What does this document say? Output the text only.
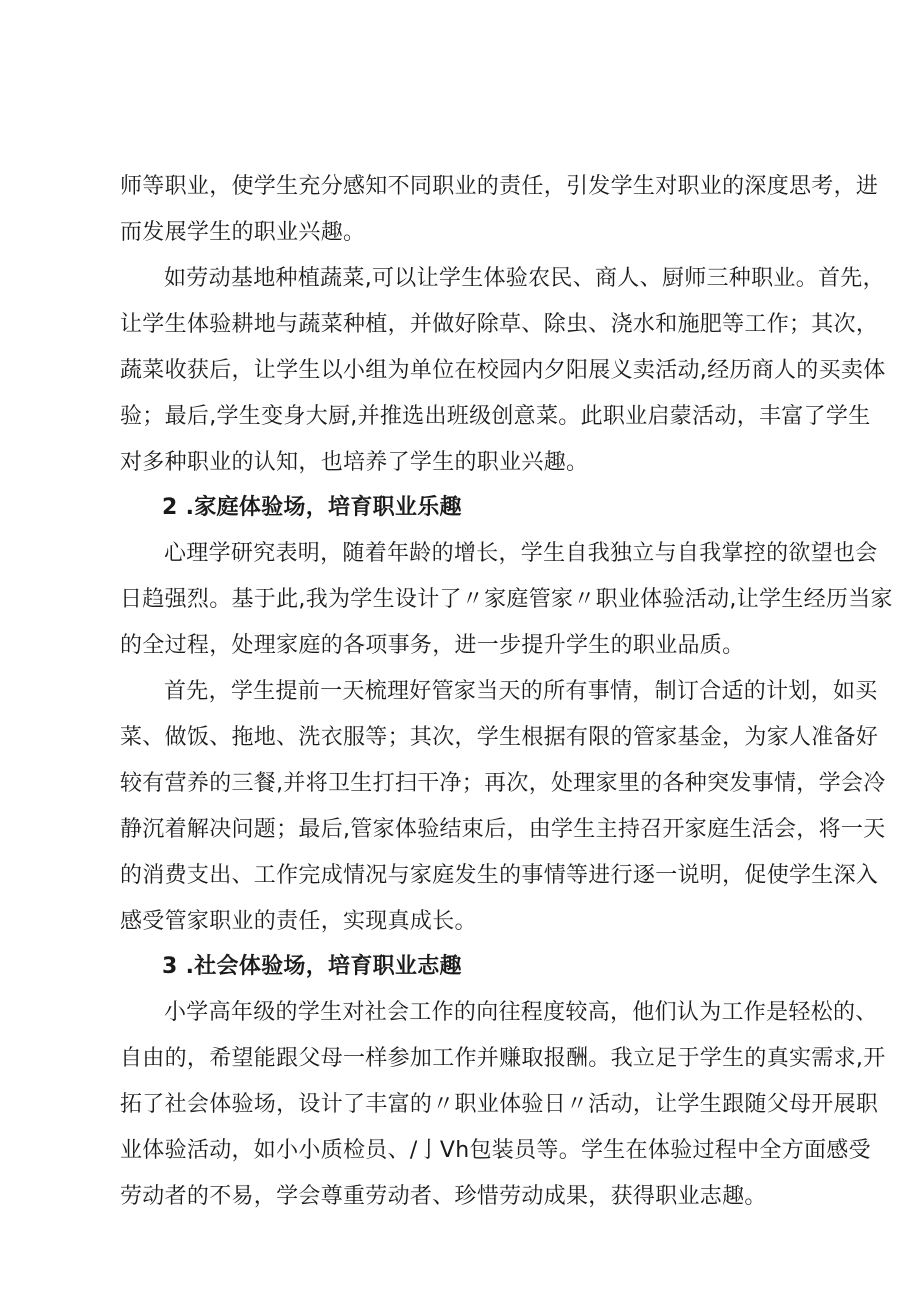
师等职业，使学生充分感知不同职业的责任，引发学生对职业的深度思考，进
而发展学生的职业兴趣。
如劳动基地种植蔬菜,可以让学生体验农民、商人、厨师三种职业。首先，
让学生体验耕地与蔬菜种植，并做好除草、除虫、浇水和施肥等工作；其次，
蔬菜收获后，让学生以小组为单位在校园内夕阳展义卖活动,经历商人的买卖体
验；最后,学生变身大厨,并推选出班级创意菜。此职业启蒙活动，丰富了学生
对多种职业的认知，也培养了学生的职业兴趣。
2 .家庭体验场，培育职业乐趣
心理学研究表明，随着年龄的增长，学生自我独立与自我掌控的欲望也会
日趋强烈。基于此,我为学生设计了〃家庭管家〃职业体验活动,让学生经历当家
的全过程，处理家庭的各项事务，进一步提升学生的职业品质。
首先，学生提前一天梳理好管家当天的所有事情，制订合适的计划，如买
菜、做饭、拖地、洗衣服等；其次，学生根据有限的管家基金，为家人准备好
较有营养的三餐,并将卫生打扫干净；再次，处理家里的各种突发事情，学会冷
静沉着解决问题；最后,管家体验结束后，由学生主持召开家庭生活会，将一天
的消费支出、工作完成情况与家庭发生的事情等进行逐一说明，促使学生深入
感受管家职业的责任，实现真成长。
3 .社会体验场，培育职业志趣
小学高年级的学生对社会工作的向往程度较高，他们认为工作是轻松的、
自由的，希望能跟父母一样参加工作并赚取报酬。我立足于学生的真实需求,开
拓了社会体验场，设计了丰富的〃职业体验日〃活动，让学生跟随父母开展职
业体验活动，如小小质检员、/亅Vh包装员等。学生在体验过程中全方面感受
劳动者的不易，学会尊重劳动者、珍惜劳动成果，获得职业志趣。
